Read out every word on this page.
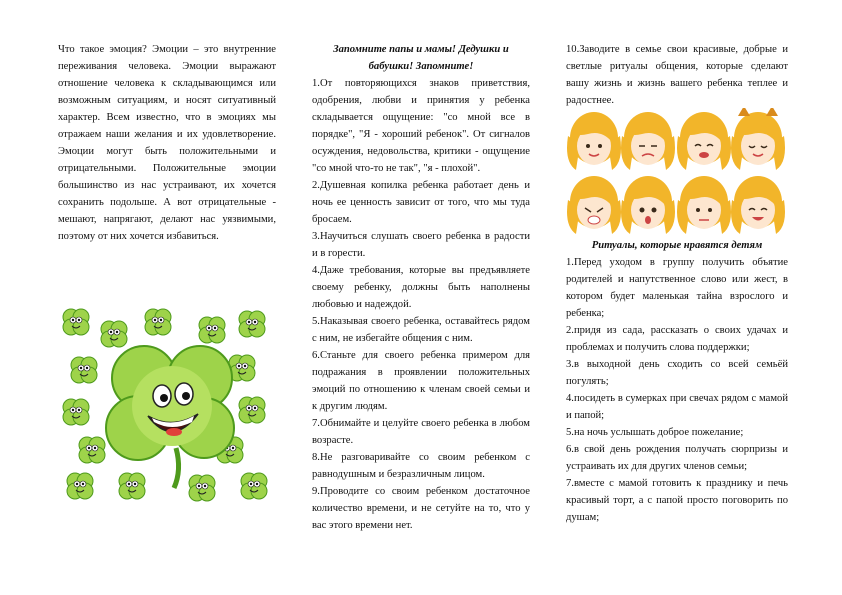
Что такое эмоция? Эмоции – это внутренние переживания человека. Эмоции выражают отношение человека к складывающимся или возможным ситуациям, и носят ситуативный характер. Всем известно, что в эмоциях мы отражаем наши желания и их удовлетворение. Эмоции могут быть положительными и отрицательными. Положительные эмоции большинство из нас устраивают, их хочется сохранить подольше. А вот отрицательные - мешают, напрягают, делают нас уязвимыми, поэтому от них хочется избавиться.

Запомните папы и мамы! Дедушки и бабушки! Запомните!

1.От повторяющихся знаков приветствия, одобрения, любви и принятия у ребенка складывается ощущение: "со мной все в порядке", "Я - хороший ребенок". От сигналов осуждения, недовольства, критики - ощущение "со мной что-то не так", "я - плохой".

2.Душевная копилка ребенка работает день и ночь ее ценность зависит от того, что мы туда бросаем.

3.Научиться слушать своего ребенка в радости и в горести.

4.Даже требования, которые вы предъявляете своему ребенку, должны быть наполнены любовью и надеждой.

5.Наказывая своего ребенка, оставайтесь рядом с ним, не избегайте общения с ним.

6.Станьте для своего ребенка примером для подражания в проявлении положительных эмоций по отношению к членам своей семьи и к другим людям.

7.Обнимайте и целуйте своего ребенка в любом возрасте.

8.Не разговаривайте со своим ребенком с равнодушным и безразличным лицом.

9.Проводите со своим ребенком достаточное количество времени, и не сетуйте на то, что у вас этого времени нет.

10.Заводите в семье свои красивые, добрые и светлые ритуалы общения, которые сделают вашу жизнь и жизнь вашего ребенка теплее и радостнее.

Ритуалы, которые нравятся детям

1.Перед уходом в группу получить объятие родителей и напутственное слово или жест, в котором будет маленькая тайна взрослого и ребенка;

2.придя из сада, рассказать о своих удачах и проблемах и получить слова поддержки;

3.в выходной день сходить со всей семьёй погулять;

4.посидеть в сумерках при свечах рядом с мамой и папой;

5.на ночь услышать доброе пожелание;

6.в свой день рождения получать сюрпризы и устраивать их для других членов семьи;

7.вместе с мамой готовить к празднику и печь красивый торт, а с папой просто поговорить по душам;
